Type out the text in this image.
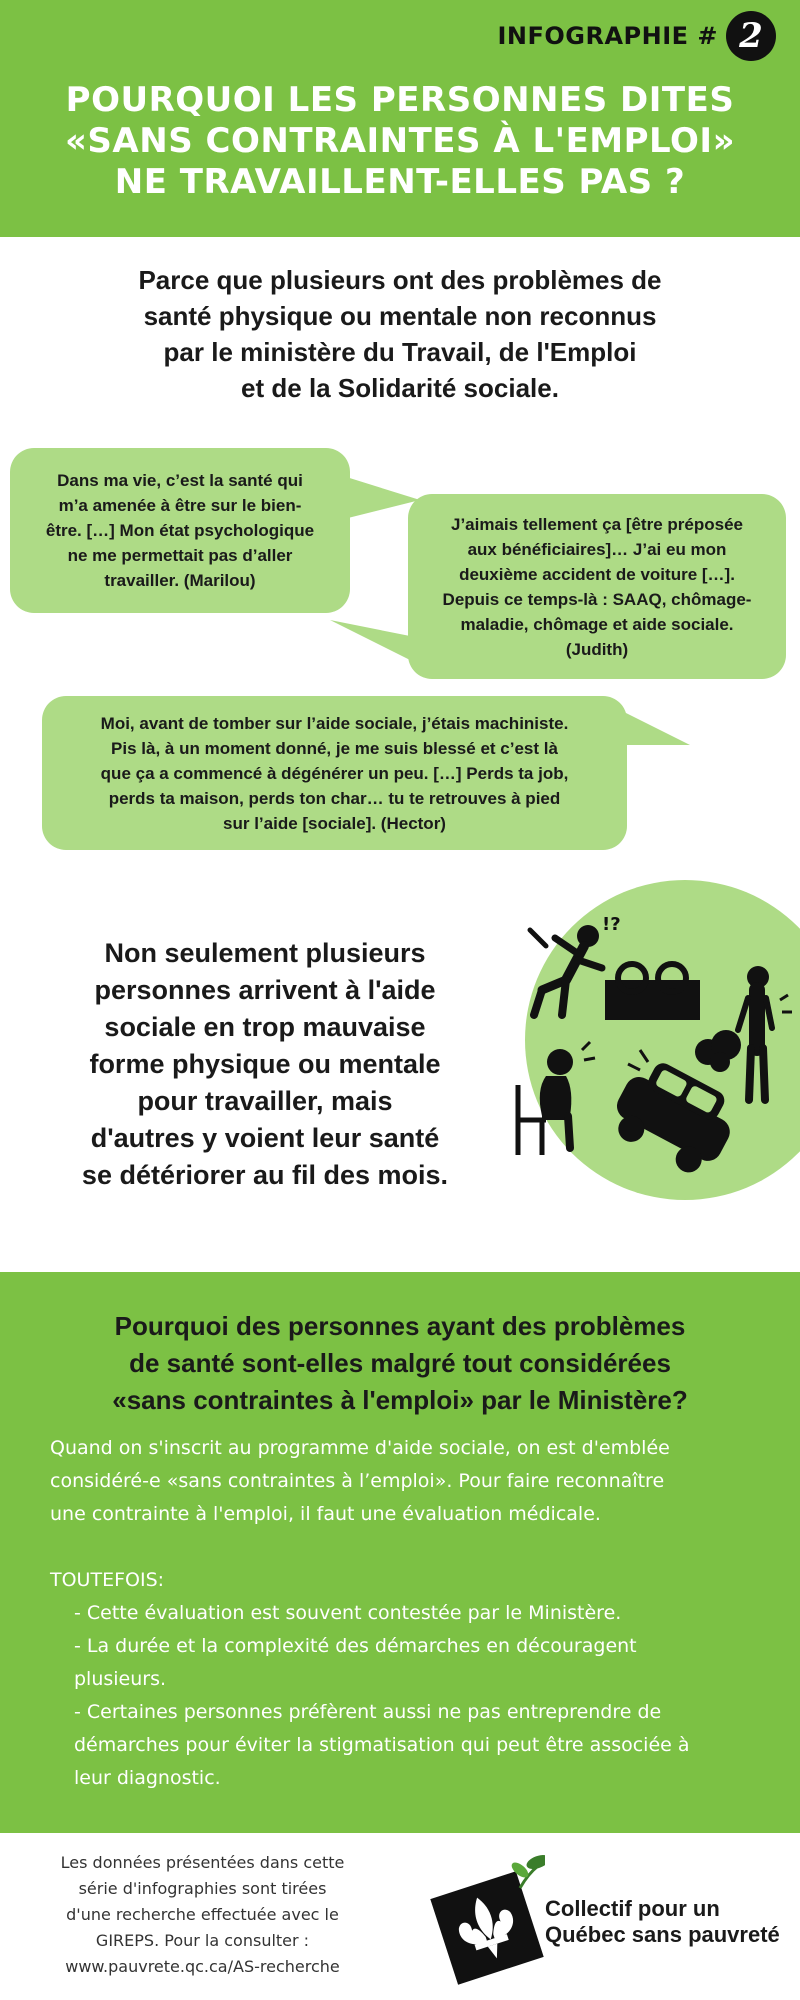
INFOGRAPHIE # 2
POURQUOI LES PERSONNES DITES
«SANS CONTRAINTES À L'EMPLOI»
NE TRAVAILLENT-ELLES PAS ?
Parce que plusieurs ont des problèmes de
santé physique ou mentale non reconnus
par le ministère du Travail, de l'Emploi
et de la Solidarité sociale.
Dans ma vie, c’est la santé qui
m’a amenée à être sur le bien-
être. […] Mon état psychologique
ne me permettait pas d’aller
travailler. (Marilou)
J’aimais tellement ça [être préposée
aux bénéficiaires]… J’ai eu mon
deuxième accident de voiture […].
Depuis ce temps-là : SAAQ, chômage-
maladie, chômage et aide sociale.
(Judith)
Moi, avant de tomber sur l’aide sociale, j’étais machiniste.
Pis là, à un moment donné, je me suis blessé et c’est là
que ça a commencé à dégénérer un peu. […] Perds ta job,
perds ta maison, perds ton char… tu te retrouves à pied
sur l’aide [sociale]. (Hector)
Non seulement plusieurs
personnes arrivent à l'aide
sociale en trop mauvaise
forme physique ou mentale
pour travailler, mais
d'autres y voient leur santé
se détériorer au fil des mois.
!?
Pourquoi des personnes ayant des problèmes
de santé sont-elles malgré tout considérées
«sans contraintes à l'emploi» par le Ministère?

Quand on s'inscrit au programme d'aide sociale, on est d'emblée

considéré-e «sans contraintes à l’emploi». Pour faire reconnaître

une contrainte à l'emploi, il faut une évaluation médicale.

TOUTEFOIS:

- Cette évaluation est souvent contestée par le Ministère.
- La durée et la complexité des démarches en découragent
plusieurs.
- Certaines personnes préfèrent aussi ne pas entreprendre de
démarches pour éviter la stigmatisation qui peut être associée à
leur diagnostic.
Les données présentées dans cette
série d'infographies sont tirées
d'une recherche effectuée avec le
GIREPS. Pour la consulter :
www.pauvrete.qc.ca/AS-recherche
Collectif pour un
Québec sans pauvreté
